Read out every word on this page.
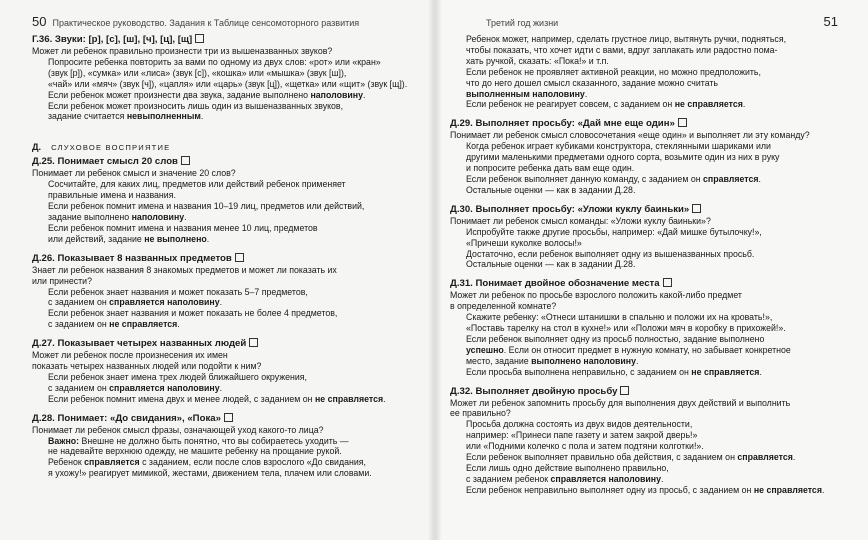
50 Практическое руководство. Задания к Таблице сенсомоторного развития
Г.36. Звуки: [р], [с], [ш], [ч], [ц], [щ]

Может ли ребенок правильно произнести три из вышеназванных звуков?

Попросите ребенка повторить за вами по одному из двух слов: «рот» или «кран»

(звук [р]), «сумка» или «лиса» (звук [с]), «кошка» или «мышка» (звук [ш]),

«чай» или «мяч» (звук [ч]), «цапля» или «царь» (звук [ц]), «щетка» или «щит» (звук [щ]).

Если ребенок может произнести два звука, задание выполнено наполовину.

Если ребенок может произносить лишь один из вышеназванных звуков,

задание считается невыполненным.

Д. СЛУХОВОЕ ВОСПРИЯТИЕ
Д.25. Понимает смысл 20 слов

Понимает ли ребенок смысл и значение 20 слов?

Сосчитайте, для каких лиц, предметов или действий ребенок применяет

правильные имена и названия.

Если ребенок помнит имена и названия 10–19 лиц, предметов или действий,

задание выполнено наполовину.

Если ребенок помнит имена и названия менее 10 лиц, предметов

или действий, задание не выполнено.

Д.26. Показывает 8 названных предметов

Знает ли ребенок названия 8 знакомых предметов и может ли показать их

или принести?

Если ребенок знает названия и может показать 5–7 предметов,

с заданием он справляется наполовину.

Если ребенок знает названия и может показать не более 4 предметов,

с заданием он не справляется.

Д.27. Показывает четырех названных людей

Может ли ребенок после произнесения их имен

показать четырех названных людей или подойти к ним?

Если ребенок знает имена трех людей ближайшего окружения,

с заданием он справляется наполовину.

Если ребенок помнит имена двух и менее людей, с заданием он не справляется.

Д.28. Понимает: «До свидания», «Пока»

Понимает ли ребенок смысл фразы, означающей уход какого-то лица?

Важно: Внешне не должно быть понятно, что вы собираетесь уходить —

не надевайте верхнюю одежду, не машите ребенку на прощание рукой.

Ребенок справляется с заданием, если после слов взрослого «До свидания,

я ухожу!» реагирует мимикой, жестами, движением тела, плачем или словами.

Третий год жизни	51

Ребенок может, например, сделать грустное лицо, вытянуть ручки, подняться,

чтобы показать, что хочет идти с вами, вдруг заплакать или радостно пома-

хать ручкой, сказать: «Пока!» и т.п.

Если ребенок не проявляет активной реакции, но можно предположить,

что до него дошел смысл сказанного, задание можно считать

выполненным наполовину.

Если ребенок не реагирует совсем, с заданием он не справляется.

Д.29. Выполняет просьбу: «Дай мне еще один»

Понимает ли ребенок смысл словосочетания «еще один» и выполняет ли эту команду?

Когда ребенок играет кубиками конструктора, стеклянными шариками или

другими маленькими предметами одного сорта, возьмите один из них в руку

и попросите ребенка дать вам еще один.

Если ребенок выполняет данную команду, с заданием он справляется.

Остальные оценки — как в задании Д.28.

Д.30. Выполняет просьбу: «Уложи куклу баиньки»

Понимает ли ребенок смысл команды: «Уложи куклу баиньки»?

Испробуйте также другие просьбы, например: «Дай мишке бутылочку!»,

«Причеши куколке волосы!»

Достаточно, если ребенок выполняет одну из вышеназванных просьб.

Остальные оценки — как в задании Д.28.

Д.31. Понимает двойное обозначение места

Может ли ребенок по просьбе взрослого положить какой-либо предмет

в определенной комнате?

Скажите ребенку: «Отнеси штанишки в спальню и положи их на кровать!»,

«Поставь тарелку на стол в кухне!» или «Положи мяч в коробку в прихожей!».

Если ребенок выполняет одну из просьб полностью, задание выполнено

успешно. Если он относит предмет в нужную комнату, но забывает конкретное

место, задание выполнено наполовину.

Если просьба выполнена неправильно, с заданием он не справляется.

Д.32. Выполняет двойную просьбу

Может ли ребенок запомнить просьбу для выполнения двух действий и выполнить

ее правильно?

Просьба должна состоять из двух видов деятельности,

например: «Принеси папе газету и затем закрой дверь!»

или «Подними колечко с пола и затем подтяни колготки!».

Если ребенок выполняет правильно оба действия, с заданием он справляется.

Если лишь одно действие выполнено правильно,

с заданием ребенок справляется наполовину.

Если ребенок неправильно выполняет одну из просьб, с заданием он не справляется.
